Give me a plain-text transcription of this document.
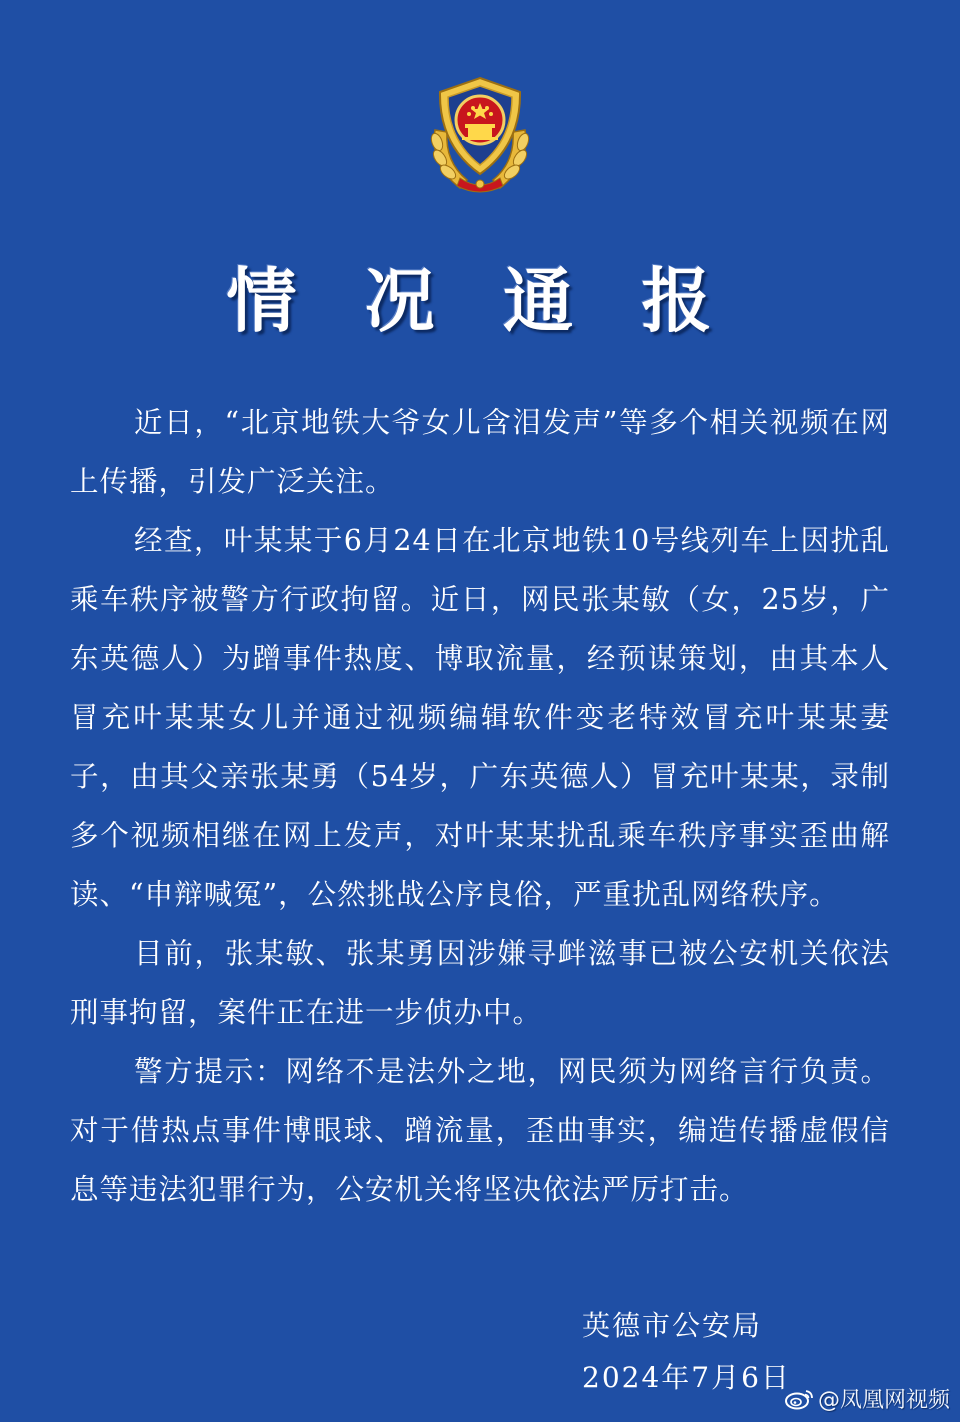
情 况 通 报

近日，“北京地铁大爷女儿含泪发声”等多个相关视频在网上传播，引发广泛关注。

经查，叶某某于6月24日在北京地铁10号线列车上因扰乱乘车秩序被警方行政拘留。近日，网民张某敏（女，25岁，广东英德人）为蹭事件热度、博取流量，经预谋策划，由其本人冒充叶某某女儿并通过视频编辑软件变老特效冒充叶某某妻子，由其父亲张某勇（54岁，广东英德人）冒充叶某某，录制多个视频相继在网上发声，对叶某某扰乱乘车秩序事实歪曲解读、“申辩喊冤”，公然挑战公序良俗，严重扰乱网络秩序。

目前，张某敏、张某勇因涉嫌寻衅滋事已被公安机关依法刑事拘留，案件正在进一步侦办中。

警方提示：网络不是法外之地，网民须为网络言行负责。对于借热点事件博眼球、蹭流量，歪曲事实，编造传播虚假信息等违法犯罪行为，公安机关将坚决依法严厉打击。

英德市公安局
2024年7月6日
@凤凰网视频
